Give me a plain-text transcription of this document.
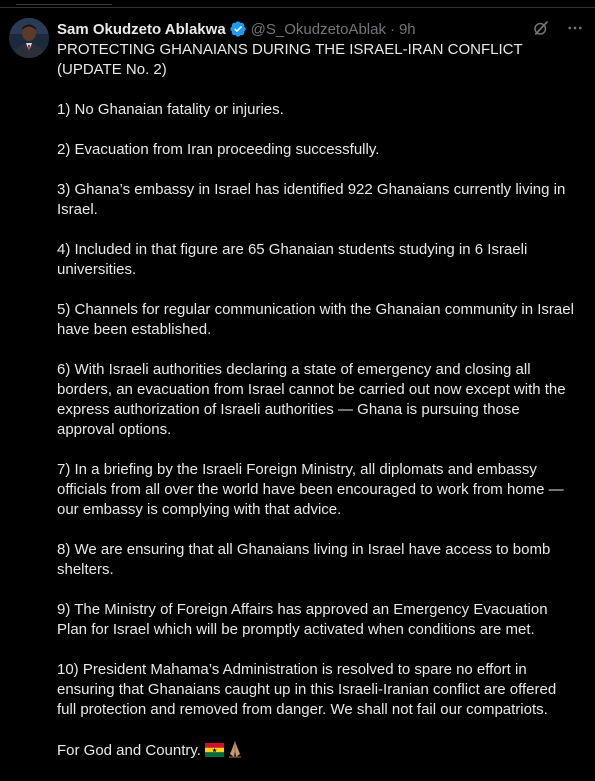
Sam Okudzeto Ablakwa @S_OkudzetoAblak · 9h

PROTECTING GHANAIANS DURING THE ISRAEL-IRAN CONFLICT (UPDATE No. 2)

1) No Ghanaian fatality or injuries.

2) Evacuation from Iran proceeding successfully.

3) Ghana’s embassy in Israel has identified 922 Ghanaians currently living in Israel.

4) Included in that figure are 65 Ghanaian students studying in 6 Israeli universities.

5) Channels for regular communication with the Ghanaian community in Israel have been established.

6) With Israeli authorities declaring a state of emergency and closing all borders, an evacuation from Israel cannot be carried out now except with the express authorization of Israeli authorities — Ghana is pursuing those approval options.

7) In a briefing by the Israeli Foreign Ministry, all diplomats and embassy officials from all over the world have been encouraged to work from home — our embassy is complying with that advice.

8) We are ensuring that all Ghanaians living in Israel have access to bomb shelters.

9) The Ministry of Foreign Affairs has approved an Emergency Evacuation Plan for Israel which will be promptly activated when conditions are met.

10) President Mahama’s Administration is resolved to spare no effort in ensuring that Ghanaians caught up in this Israeli-Iranian conflict are offered full protection and removed from danger. We shall not fail our compatriots.

For God and Country.
